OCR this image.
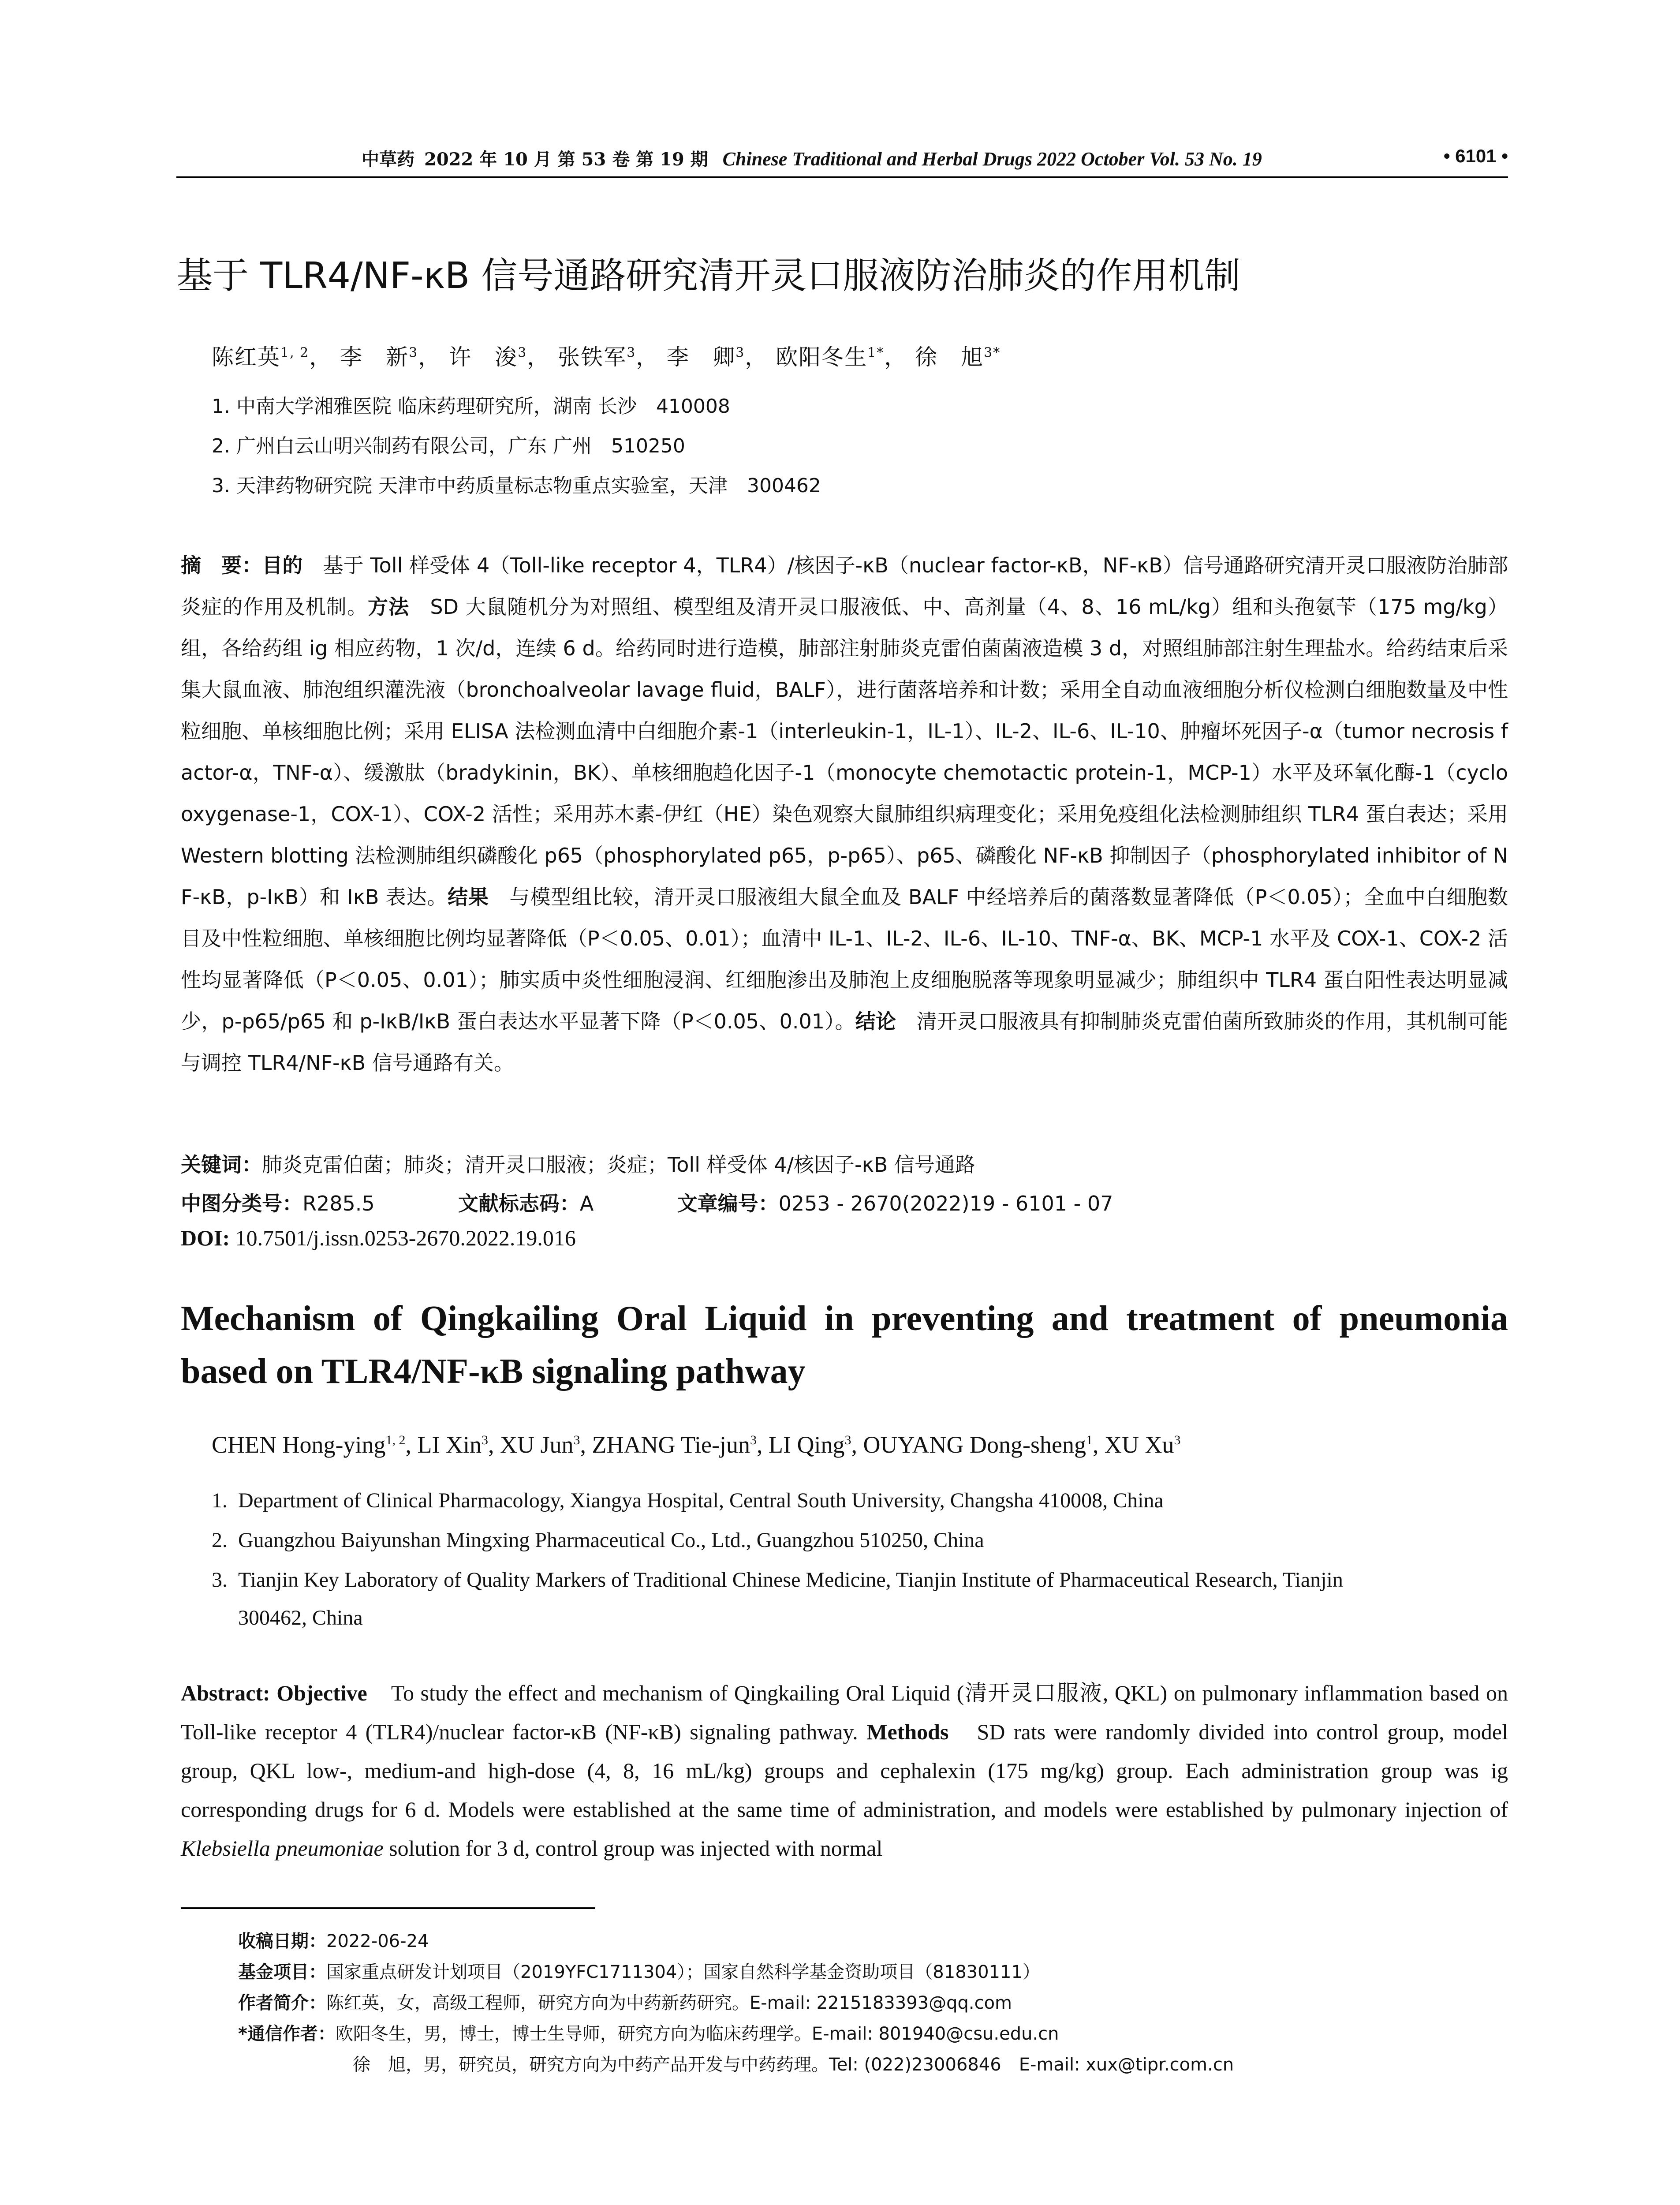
中草药 2022 年 10 月 第 53 卷 第 19 期 Chinese Traditional and Herbal Drugs 2022 October Vol. 53 No. 19	• 6101 •
基于 TLR4/NF-κB 信号通路研究清开灵口服液防治肺炎的作用机制
陈红英$^{1, 2}$， 李　新$^3$， 许　浚$^3$， 张铁军$^3$， 李　卿$^3$， 欧阳冬生$^{1*}$， 徐　旭$^{3*}$
1. 中南大学湘雅医院 临床药理研究所，湖南 长沙　410008
2. 广州白云山明兴制药有限公司，广东 广州　510250
3. 天津药物研究院 天津市中药质量标志物重点实验室，天津　300462
摘　要：目的　基于 Toll 样受体 4（Toll-like receptor 4，TLR4）/核因子-κB（nuclear factor-κB，NF-κB）信号通路研究清开灵口服液防治肺部炎症的作用及机制。方法　SD 大鼠随机分为对照组、模型组及清开灵口服液低、中、高剂量（4、8、16 mL/kg）组和头孢氨苄（175 mg/kg）组，各给药组 ig 相应药物，1 次/d，连续 6 d。给药同时进行造模，肺部注射肺炎克雷伯菌菌液造模 3 d，对照组肺部注射生理盐水。给药结束后采集大鼠血液、肺泡组织灌洗液（bronchoalveolar lavage fluid，BALF），进行菌落培养和计数；采用全自动血液细胞分析仪检测白细胞数量及中性粒细胞、单核细胞比例；采用 ELISA 法检测血清中白细胞介素-1（interleukin-1，IL-1）、IL-2、IL-6、IL-10、肿瘤坏死因子-α（tumor necrosis factor-α，TNF-α）、缓激肽（bradykinin，BK）、单核细胞趋化因子-1（monocyte chemotactic protein-1，MCP-1）水平及环氧化酶-1（cyclooxygenase-1，COX-1）、COX-2 活性；采用苏木素-伊红（HE）染色观察大鼠肺组织病理变化；采用免疫组化法检测肺组织 TLR4 蛋白表达；采用 Western blotting 法检测肺组织磷酸化 p65（phosphorylated p65，p-p65）、p65、磷酸化 NF-κB 抑制因子（phosphorylated inhibitor of NF-κB，p-IκB）和 IκB 表达。结果　与模型组比较，清开灵口服液组大鼠全血及 BALF 中经培养后的菌落数显著降低（P＜0.05）；全血中白细胞数目及中性粒细胞、单核细胞比例均显著降低（P＜0.05、0.01）；血清中 IL-1、IL-2、IL-6、IL-10、TNF-α、BK、MCP-1 水平及 COX-1、COX-2 活性均显著降低（P＜0.05、0.01）；肺实质中炎性细胞浸润、红细胞渗出及肺泡上皮细胞脱落等现象明显减少；肺组织中 TLR4 蛋白阳性表达明显减少，p-p65/p65 和 p-IκB/IκB 蛋白表达水平显著下降（P＜0.05、0.01）。结论　清开灵口服液具有抑制肺炎克雷伯菌所致肺炎的作用，其机制可能与调控 TLR4/NF-κB 信号通路有关。
关键词：肺炎克雷伯菌；肺炎；清开灵口服液；炎症；Toll 样受体 4/核因子-κB 信号通路
中图分类号：R285.5	文献标志码：A	文章编号：0253 - 2670(2022)19 - 6101 - 07
DOI: 10.7501/j.issn.0253-2670.2022.19.016
Mechanism of Qingkailing Oral Liquid in preventing and treatment of pneumonia based on TLR4/NF-κB signaling pathway
CHEN Hong-ying$^{1, 2}$, LI Xin$^3$, XU Jun$^3$, ZHANG Tie-jun$^3$, LI Qing$^3$, OUYANG Dong-sheng$^1$, XU Xu$^3$
1. Department of Clinical Pharmacology, Xiangya Hospital, Central South University, Changsha 410008, China
2. Guangzhou Baiyunshan Mingxing Pharmaceutical Co., Ltd., Guangzhou 510250, China
3. Tianjin Key Laboratory of Quality Markers of Traditional Chinese Medicine, Tianjin Institute of Pharmaceutical Research, Tianjin
300462, China
Abstract: Objective　To study the effect and mechanism of Qingkailing Oral Liquid (清开灵口服液, QKL) on pulmonary inflammation based on Toll-like receptor 4 (TLR4)/nuclear factor-κB (NF-κB) signaling pathway. Methods　SD rats were randomly divided into control group, model group, QKL low-, medium-and high-dose (4, 8, 16 mL/kg) groups and cephalexin (175 mg/kg) group. Each administration group was ig corresponding drugs for 6 d. Models were established at the same time of administration, and models were established by pulmonary injection of Klebsiella pneumoniae solution for 3 d, control group was injected with normal
收稿日期：2022-06-24
基金项目：国家重点研发计划项目（2019YFC1711304）；国家自然科学基金资助项目（81830111）
作者简介：陈红英，女，高级工程师，研究方向为中药新药研究。E-mail: 2215183393@qq.com
*通信作者：欧阳冬生，男，博士，博士生导师，研究方向为临床药理学。E-mail: 801940@csu.edu.cn
徐　旭，男，研究员，研究方向为中药产品开发与中药药理。Tel: (022)23006846　E-mail: xux@tipr.com.cn
